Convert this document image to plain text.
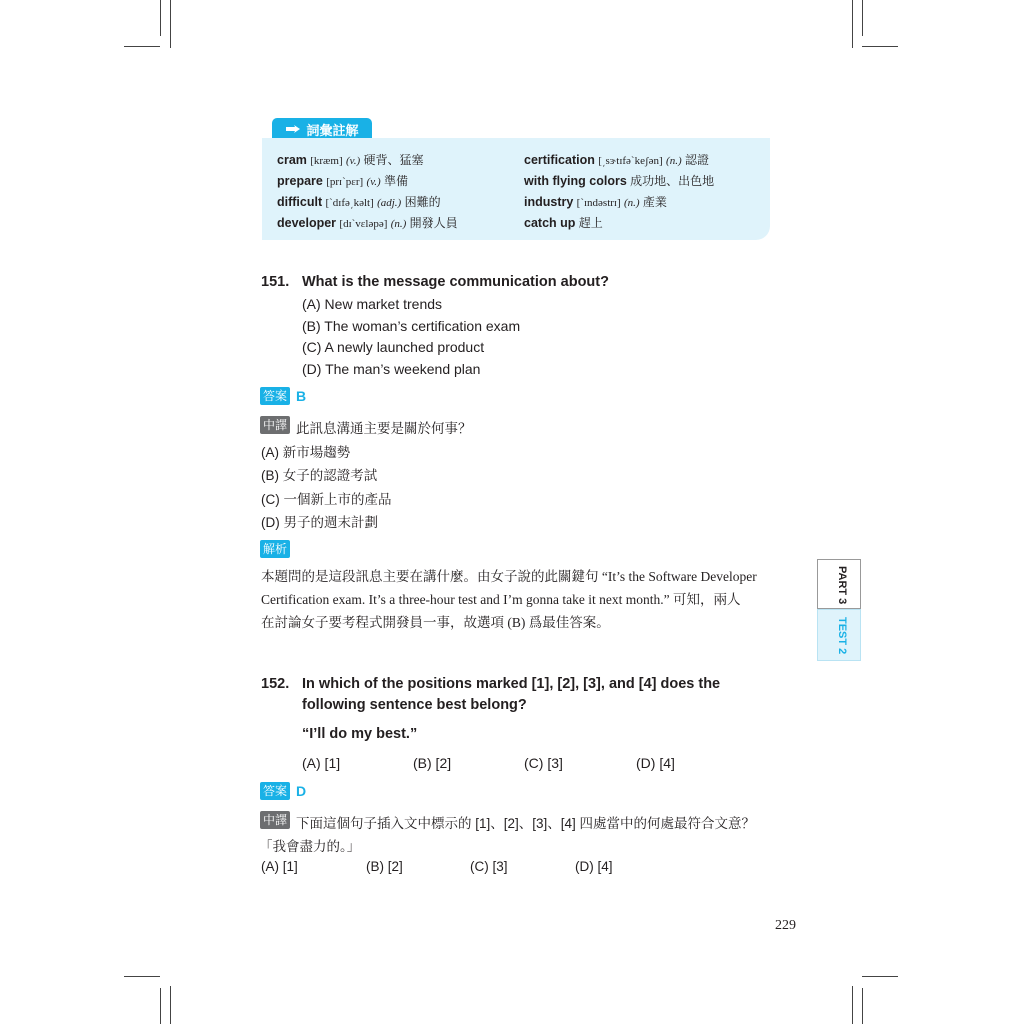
詞彙註解
cram [kræm] (v.) 硬背、猛塞
prepare [prɪˋpɛr] (v.) 準備
difficult [ˋdɪfə͵kəlt] (adj.) 困難的
developer [dɪˋvɛləpə] (n.) 開發人員
certification [͵sɝtɪfəˋkeʃən] (n.) 認證
with flying colors 成功地、出色地
industry [ˋɪndəstrɪ] (n.) 產業
catch up 趕上
151. What is the message communication about?
(A) New market trends
(B) The woman’s certification exam
(C) A newly launched product
(D) The man’s weekend plan
答案 B
中譯 此訊息溝通主要是關於何事？
(A) 新市場趨勢
(B) 女子的認證考試
(C) 一個新上市的產品
(D) 男子的週末計劃
解析
本題問的是這段訊息主要在講什麼。由女子說的此關鍵句 “It’s the Software Developer
Certification exam. It’s a three-hour test and I’m gonna take it next month.” 可知，兩人
在討論女子要考程式開發員一事，故選項 (B) 爲最佳答案。
PART 3
TEST 2
152. In which of the positions marked [1], [2], [3], and [4] does the
following sentence best belong?
“I’ll do my best.”
(A) [1]	(B) [2]	(C) [3]	(D) [4]
答案 D
中譯 下面這個句子插入文中標示的 [1]、[2]、[3]、[4] 四處當中的何處最符合文意？
「我會盡力的。」
(A) [1]	(B) [2]	(C) [3]	(D) [4]
229
